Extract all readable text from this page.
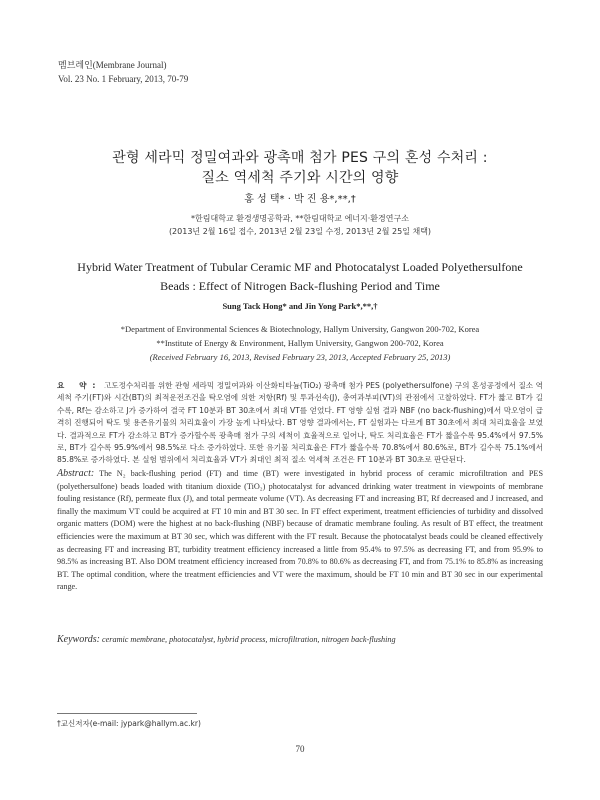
멤브레인(Membrane Journal)
Vol. 23 No. 1 February, 2013, 70-79
관형 세라믹 정밀여과와 광촉매 첨가 PES 구의 혼성 수처리 :
질소 역세척 주기와 시간의 영향
홍 성 택* · 박 진 용*,**,†
*한림대학교 환경생명공학과, **한림대학교 에너지·환경연구소
(2013년 2월 16일 접수, 2013년 2월 23일 수정, 2013년 2월 25일 채택)
Hybrid Water Treatment of Tubular Ceramic MF and Photocatalyst Loaded Polyethersulfone
Beads : Effect of Nitrogen Back-flushing Period and Time
Sung Tack Hong* and Jin Yong Park*,**,†
*Department of Environmental Sciences & Biotechnology, Hallym University, Gangwon 200-702, Korea
**Institute of Energy & Environment, Hallym University, Gangwon 200-702, Korea
(Received February 16, 2013, Revised February 23, 2013, Accepted February 25, 2013)
요 약: 고도정수처리를 위한 관형 세라믹 정밀여과와 이산화티타늄(TiO₂) 광촉매 첨가 PES (polyethersulfone) 구의 혼성공정에서 질소 역세척 주기(FT)와 시간(BT)의 최적운전조건을 탁오염에 의한 저항(Rf) 및 투과선속(J), 총여과부피(VT)의 관점에서 고찰하였다. FT가 짧고 BT가 길수록, Rf는 감소하고 J가 증가하여 결국 FT 10분과 BT 30초에서 최대 VT를 얻었다. FT 영향 실험 결과 NBF (no back-flushing)에서 막오염이 급격히 진행되어 탁도 및 용존유기물의 처리효율이 가장 높게 나타났다. BT 영향 결과에서는, FT 실험과는 다르게 BT 30초에서 최대 처리효율을 보였다. 결과적으로 FT가 감소하고 BT가 증가할수록 광촉매 첨가 구의 세척이 효율적으로 일어나, 탁도 처리효율은 FT가 짧을수록 95.4%에서 97.5%로, BT가 길수록 95.9%에서 98.5%로 다소 증가하였다. 또한 유기물 처리효율은 FT가 짧을수록 70.8%에서 80.6%로, BT가 길수록 75.1%에서 85.8%로 증가하였다. 본 실험 범위에서 처리효율과 VT가 최대인 최적 질소 역세척 조건은 FT 10분과 BT 30초로 판단된다.
Abstract: The N₂ back-flushing period (FT) and time (BT) were investigated in hybrid process of ceramic microfiltration and PES (polyethersulfone) beads loaded with titanium dioxide (TiO₂) photocatalyst for advanced drinking water treatment in viewpoints of membrane fouling resistance (Rf), permeate flux (J), and total permeate volume (VT). As decreasing FT and increasing BT, Rf decreased and J increased, and finally the maximum VT could be acquired at FT 10 min and BT 30 sec. In FT effect experiment, treatment efficiencies of turbidity and dissolved organic matters (DOM) were the highest at no back-flushing (NBF) because of dramatic membrane fouling. As result of BT effect, the treatment efficiencies were the maximum at BT 30 sec, which was different with the FT result. Because the photocatalyst beads could be cleaned effectively as decreasing FT and increasing BT, turbidity treatment efficiency increased a little from 95.4% to 97.5% as decreasing FT, and from 95.9% to 98.5% as increasing BT. Also DOM treatment efficiency increased from 70.8% to 80.6% as decreasing FT, and from 75.1% to 85.8% as increasing BT. The optimal condition, where the treatment efficiencies and VT were the maximum, should be FT 10 min and BT 30 sec in our experimental range.
Keywords: ceramic membrane, photocatalyst, hybrid process, microfiltration, nitrogen back-flushing
†교신저자(e-mail: jypark@hallym.ac.kr)
70
